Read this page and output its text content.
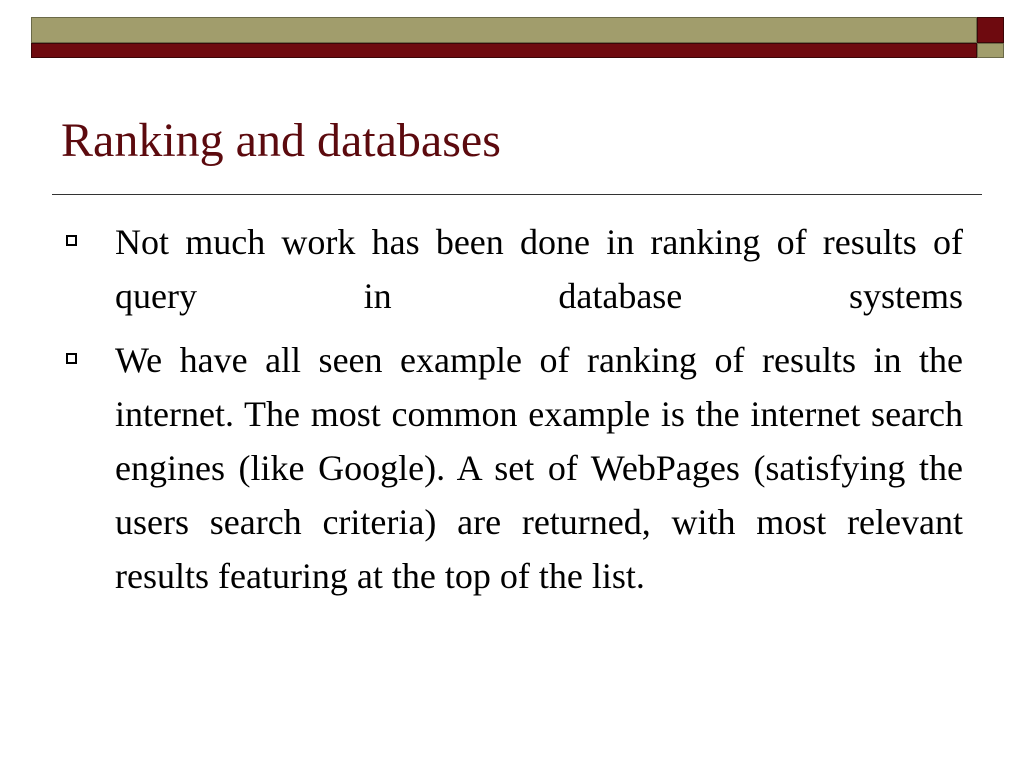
Ranking and databases
Not much work has been done in ranking of results of query in database systems
We have all seen example of ranking of results in the internet. The most common example is the internet search engines (like Google). A set of WebPages (satisfying the users search criteria) are returned, with most relevant results featuring at the top of the list.
